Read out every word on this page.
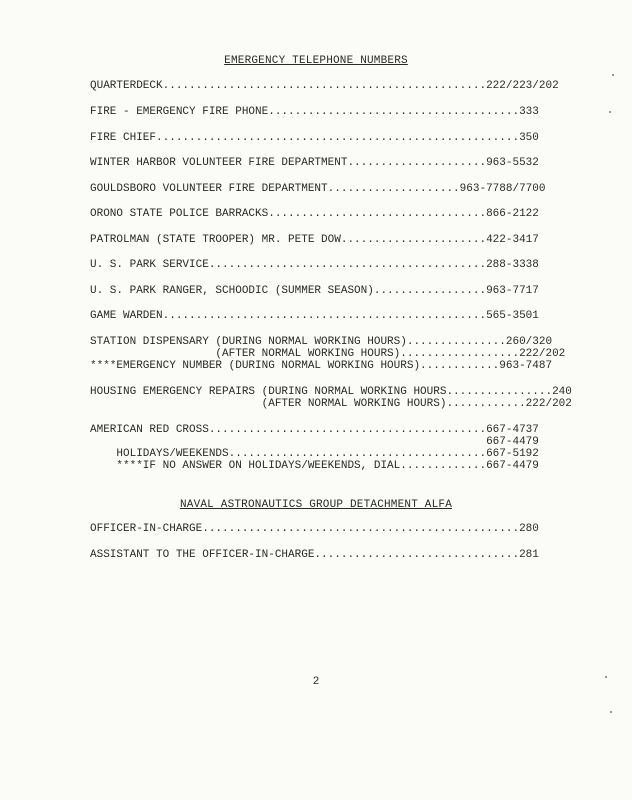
EMERGENCY TELEPHONE NUMBERS
QUARTERDECK.................................................222/223/202
FIRE - EMERGENCY FIRE PHONE......................................333
FIRE CHIEF.......................................................350
WINTER HARBOR VOLUNTEER FIRE DEPARTMENT.....................963-5532
GOULDSBORO VOLUNTEER FIRE DEPARTMENT....................963-7788/7700
ORONO STATE POLICE BARRACKS.................................866-2122
PATROLMAN (STATE TROOPER) MR. PETE DOW......................422-3417
U. S. PARK SERVICE..........................................288-3338
U. S. PARK RANGER, SCHOODIC (SUMMER SEASON).................963-7717
GAME WARDEN.................................................565-3501
STATION DISPENSARY (DURING NORMAL WORKING HOURS)...............260/320
(AFTER NORMAL WORKING HOURS)..................222/202
****EMERGENCY NUMBER (DURING NORMAL WORKING HOURS)............963-7487
HOUSING EMERGENCY REPAIRS (DURING NORMAL WORKING HOURS................240
(AFTER NORMAL WORKING HOURS)............222/202
AMERICAN RED CROSS..........................................667-4737
667-4479
HOLIDAYS/WEEKENDS.......................................667-5192
****IF NO ANSWER ON HOLIDAYS/WEEKENDS, DIAL.............667-4479
NAVAL ASTRONAUTICS GROUP DETACHMENT ALFA
OFFICER-IN-CHARGE................................................280
ASSISTANT TO THE OFFICER-IN-CHARGE...............................281
2
